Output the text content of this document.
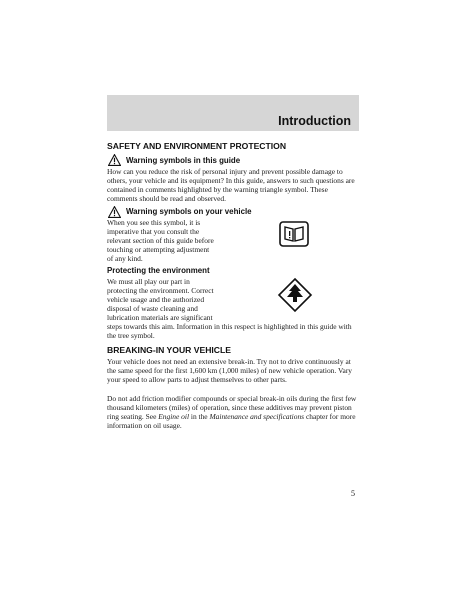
Introduction
SAFETY AND ENVIRONMENT PROTECTION
Warning symbols in this guide
How can you reduce the risk of personal injury and prevent possible damage to others, your vehicle and its equipment? In this guide, answers to such questions are contained in comments highlighted by the warning triangle symbol. These comments should be read and observed.
Warning symbols on your vehicle
When you see this symbol, it is
imperative that you consult the
relevant section of this guide before
touching or attempting adjustment
of any kind.
Protecting the environment
We must all play our part in
protecting the environment. Correct
vehicle usage and the authorized
disposal of waste cleaning and
lubrication materials are significant
steps towards this aim. Information in this respect is highlighted in this guide with the tree symbol.
BREAKING-IN YOUR VEHICLE
Your vehicle does not need an extensive break-in. Try not to drive continuously at the same speed for the first 1,600 km (1,000 miles) of new vehicle operation. Vary your speed to allow parts to adjust themselves to other parts.
Do not add friction modifier compounds or special break-in oils during the first few thousand kilometers (miles) of operation, since these additives may prevent piston ring seating. See Engine oil in the Maintenance and specifications chapter for more information on oil usage.
5
